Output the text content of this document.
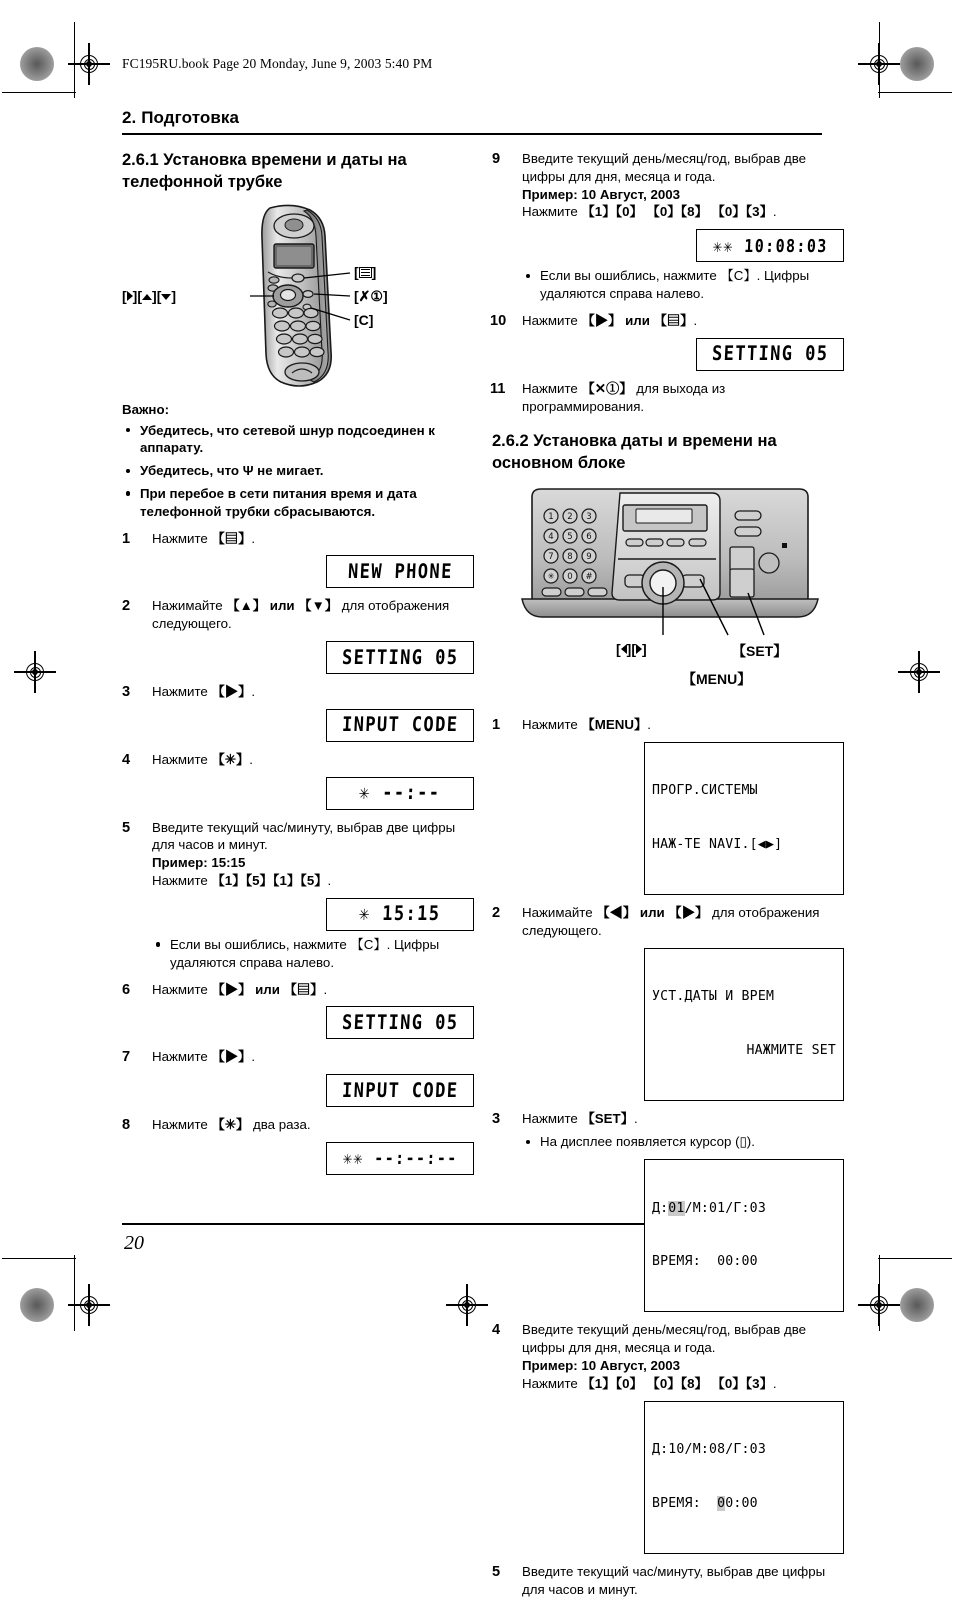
FC195RU.book Page 20 Monday, June 9, 2003 5:40 PM
2. Подготовка
20
2.6.1 Установка времени и даты на телефонной трубке
[ ][ ][ ]
[ ]
[✗①]
[C]
Важно:
Убедитесь, что сетевой шнур подсоединен к аппарату.
Убедитесь, что Ψ не мигает.
При перебое в сети питания время и дата телефонной трубки сбрасываются.
1 Нажмите 【▤】.
NEW PHONE
2 Нажимайте 【▲】 или 【▼】 для отображения следующего.
SETTING 05
3 Нажмите 【▶】.
INPUT CODE
4 Нажмите 【✳】.
✳ --:--
5 Введите текущий час/минуту, выбрав две цифры для часов и минут.
Пример: 15:15
Нажмите 【1】【5】【1】【5】.
✳ 15:15
Если вы ошиблись, нажмите 【C】. Цифры удаляются справа налево.
6 Нажмите 【▶】 или 【▤】.
SETTING 05
7 Нажмите 【▶】.
INPUT CODE
8 Нажмите 【✳】 два раза.
✳✳ --:--:--
9 Введите текущий день/месяц/год, выбрав две цифры для дня, месяца и года.
Пример: 10 Август, 2003
Нажмите 【1】【0】 【0】【8】 【0】【3】.
✳✳ 10:08:03
Если вы ошиблись, нажмите 【C】. Цифры удаляются справа налево.
10 Нажмите 【▶】 или 【▤】.
SETTING 05
11 Нажмите 【✕①】 для выхода из программирования.
2.6.2 Установка даты и времени на основном блоке
1 2 3
4 5 6
7 8 9
✳ 0 #
[ ][ ]	【SET】
【MENU】
1 Нажмите 【MENU】.

ПРОГР.СИСТЕМЫ

НАЖ-ТЕ NAVI.[◀▶]

2 Нажимайте 【◀】 или 【▶】 для отображения следующего.

УСТ.ДАТЫ И ВРЕМ

НАЖМИТЕ SET

3 Нажмите 【SET】.
На дисплее появляется курсор (▯).

Д:01/М:01/Г:03

ВРЕМЯ:  00:00

4 Введите текущий день/месяц/год, выбрав две цифры для дня, месяца и года.
Пример: 10 Август, 2003
Нажмите 【1】【0】 【0】【8】 【0】【3】.

Д:10/М:08/Г:03

ВРЕМЯ:  00:00

5 Введите текущий час/минуту, выбрав две цифры для часов и минут.
